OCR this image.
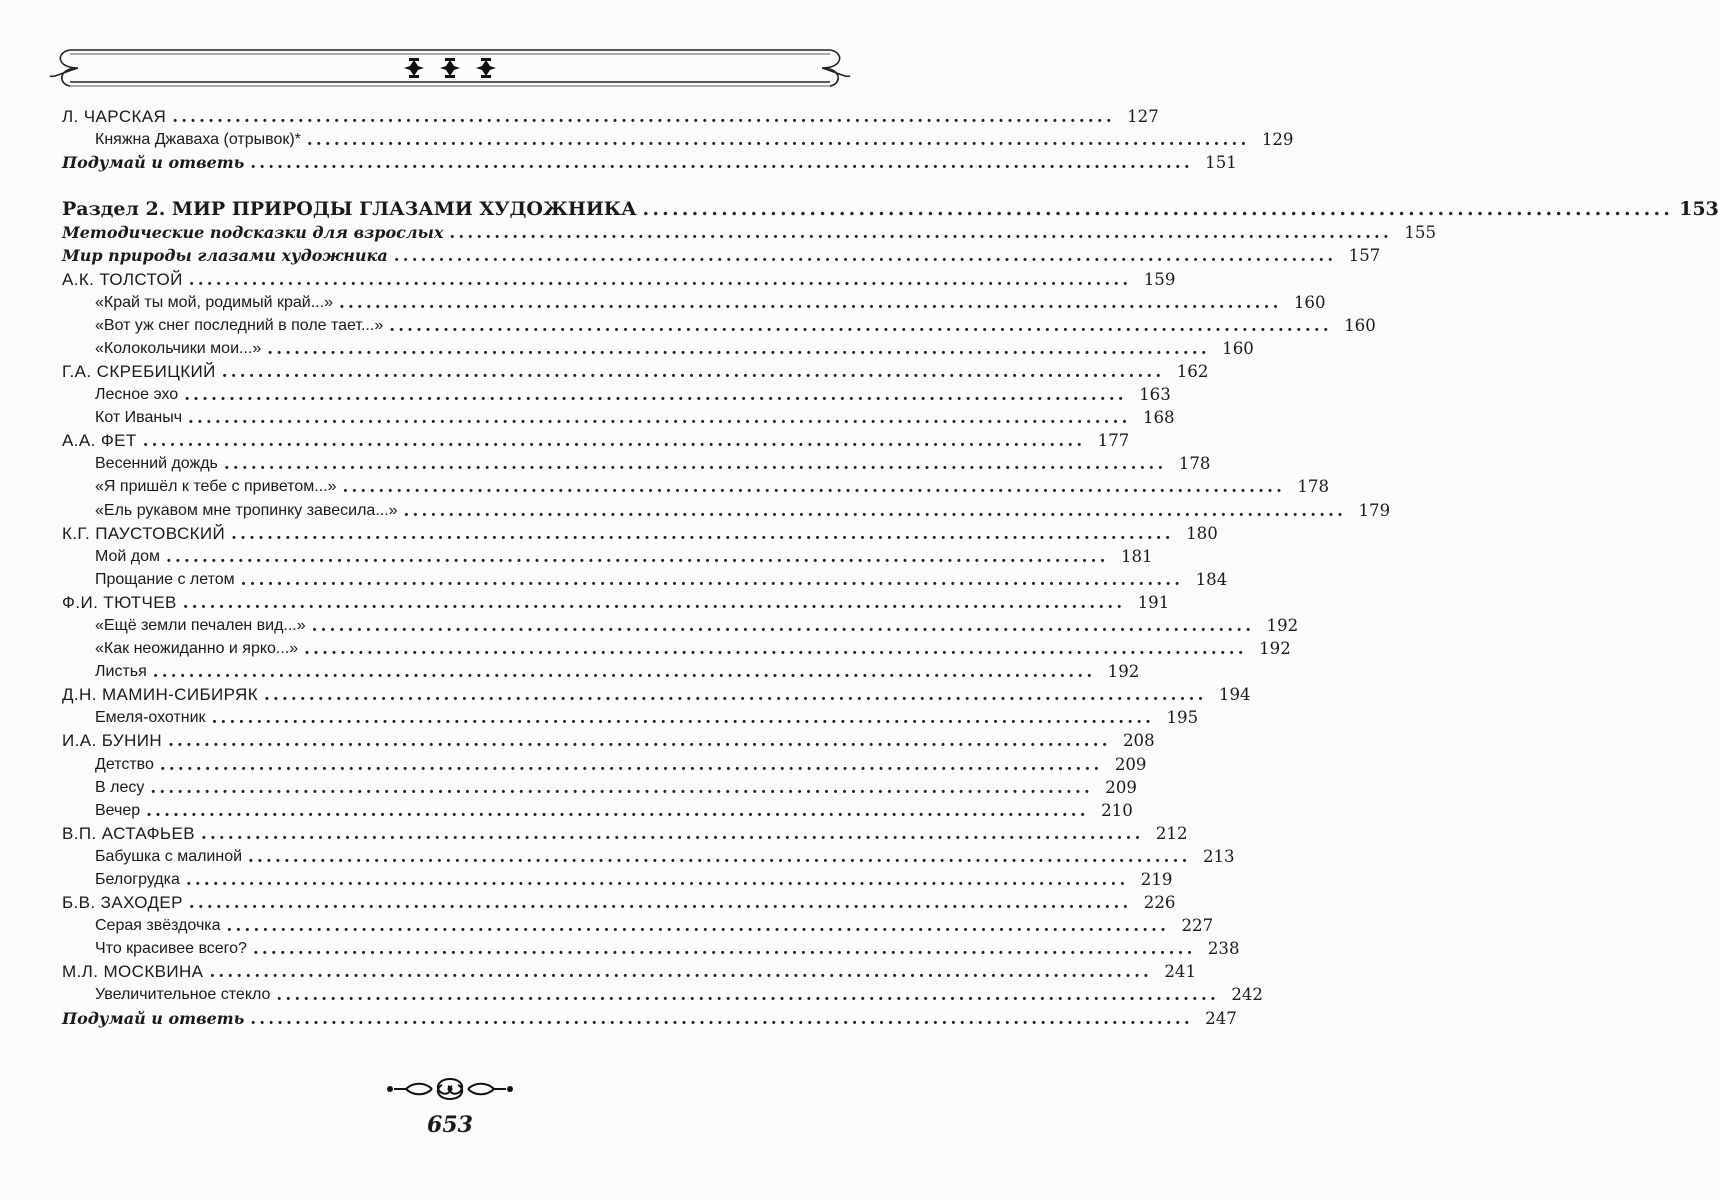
Л. ЧАРСКАЯ ......................................................................................................... 127
Княжна Джаваха (отрывок)* ......................................................................................................... 129
Подумай и ответь ......................................................................................................... 151
Раздел 2. МИР ПРИРОДЫ ГЛАЗАМИ ХУДОЖНИКА ......................................................................................................... 153
Методические подсказки для взрослых ......................................................................................................... 155
Мир природы глазами художника ......................................................................................................... 157
А.К. ТОЛСТОЙ ......................................................................................................... 159
«Край ты мой, родимый край...» ......................................................................................................... 160
«Вот уж снег последний в поле тает...» ......................................................................................................... 160
«Колокольчики мои...» ......................................................................................................... 160
Г.А. СКРЕБИЦКИЙ ......................................................................................................... 162
Лесное эхо ......................................................................................................... 163
Кот Иваныч ......................................................................................................... 168
А.А. ФЕТ ......................................................................................................... 177
Весенний дождь ......................................................................................................... 178
«Я пришёл к тебе с приветом...» ......................................................................................................... 178
«Ель рукавом мне тропинку завесила...» ......................................................................................................... 179
К.Г. ПАУСТОВСКИЙ ......................................................................................................... 180
Мой дом ......................................................................................................... 181
Прощание с летом ......................................................................................................... 184
Ф.И. ТЮТЧЕВ ......................................................................................................... 191
«Ещё земли печален вид...» ......................................................................................................... 192
«Как неожиданно и ярко...» ......................................................................................................... 192
Листья ......................................................................................................... 192
Д.Н. МАМИН-СИБИРЯК ......................................................................................................... 194
Емеля-охотник ......................................................................................................... 195
И.А. БУНИН ......................................................................................................... 208
Детство ......................................................................................................... 209
В лесу ......................................................................................................... 209
Вечер ......................................................................................................... 210
В.П. АСТАФЬЕВ ......................................................................................................... 212
Бабушка с малиной ......................................................................................................... 213
Белогрудка ......................................................................................................... 219
Б.В. ЗАХОДЕР ......................................................................................................... 226
Серая звёздочка ......................................................................................................... 227
Что красивее всего? ......................................................................................................... 238
М.Л. МОСКВИНА ......................................................................................................... 241
Увеличительное стекло ......................................................................................................... 242
Подумай и ответь ......................................................................................................... 247
653
